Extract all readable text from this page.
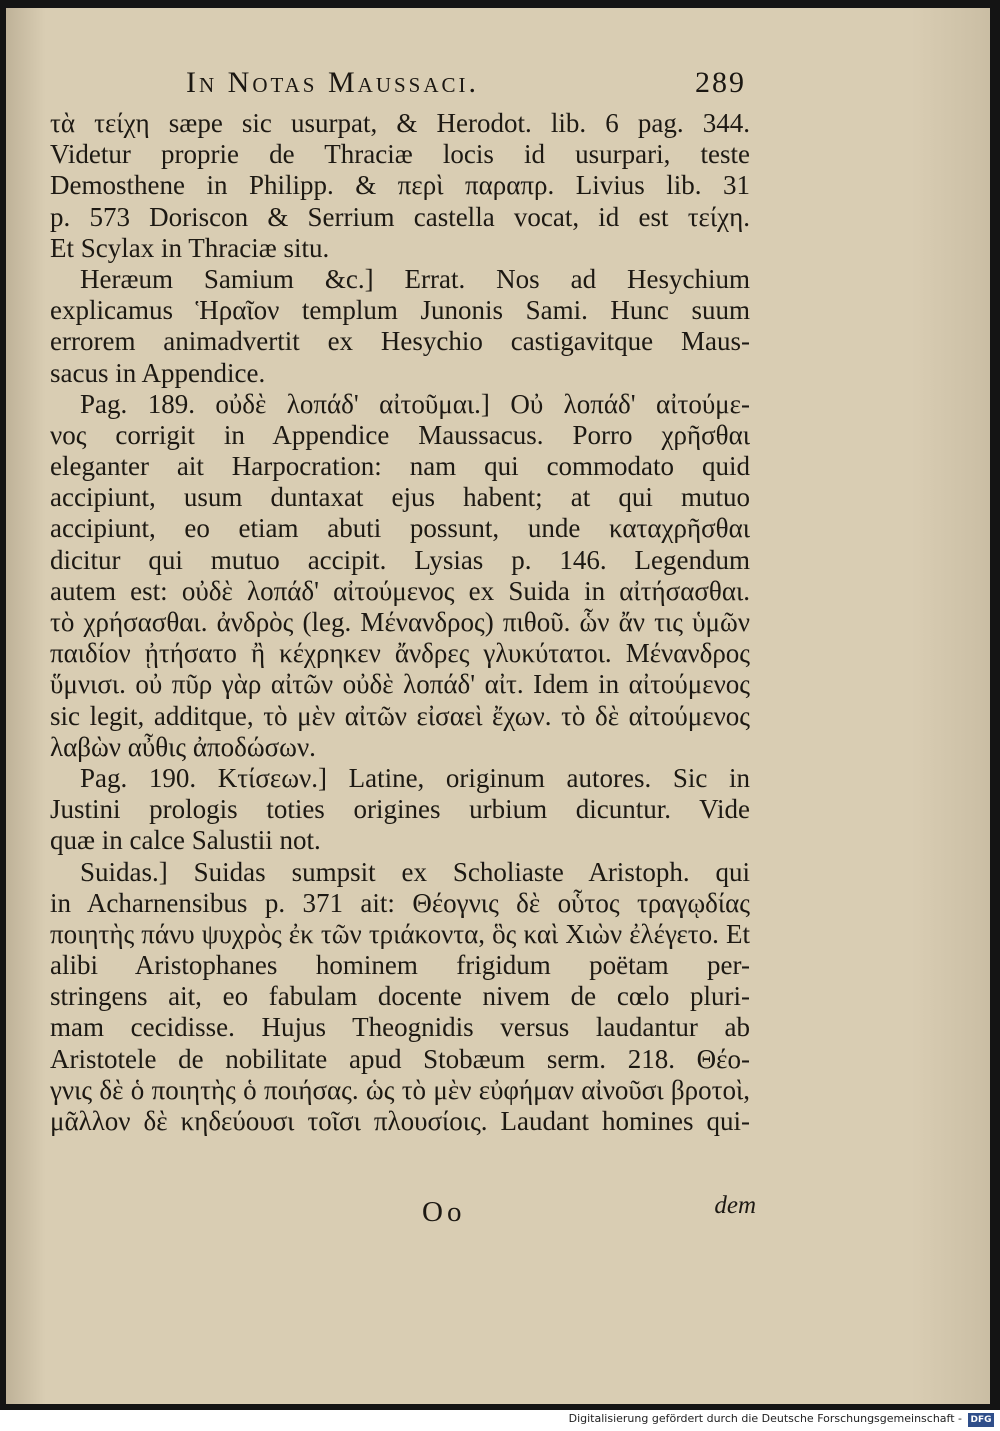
In Notas Maussaci.	289
τὰ τείχη sæpe sic usurpat, & Herodot. lib. 6 pag. 344.
Videtur proprie de Thraciæ locis id usurpari, teste
Demosthene in Philipp. & περὶ παραπρ. Livius lib. 31
p. 573 Doriscon & Serrium castella vocat, id est τείχη.
Et Scylax in Thraciæ situ.
Heræum Samium &c.] Errat. Nos ad Hesychium
explicamus Ἡραῖον templum Junonis Sami. Hunc suum
errorem animadvertit ex Hesychio castigavitque Maus-
sacus in Appendice.
Pag. 189. οὐδὲ λοπάδ' αἰτοῦμαι.] Οὐ λοπάδ' αἰτούμε-
νος corrigit in Appendice Maussacus. Porro χρῆσθαι
eleganter ait Harpocration: nam qui commodato quid
accipiunt, usum duntaxat ejus habent; at qui mutuo
accipiunt, eo etiam abuti possunt, unde καταχρῆσθαι
dicitur qui mutuo accipit. Lysias p. 146. Legendum
autem est: οὐδὲ λοπάδ' αἰτούμενος ex Suida in αἰτήσασθαι.
τὸ χρήσασθαι. ἀνδρὸς (leg. Μένανδρος) πιθοῦ. ὧν ἄν τις ὑμῶν
παιδίον ᾐτήσατο ἢ κέχρηκεν ἄνδρες γλυκύτατοι. Μένανδρος
ὕμνισι. οὐ πῦρ γὰρ αἰτῶν οὐδὲ λοπάδ' αἰτ. Idem in αἰτούμενος
sic legit, additque, τὸ μὲν αἰτῶν εἰσαεὶ ἔχων. τὸ δὲ αἰτούμενος
λαβὼν αὖθις ἀποδώσων.
Pag. 190. Κτίσεων.] Latine, originum autores. Sic in
Justini prologis toties origines urbium dicuntur. Vide
quæ in calce Salustii not.
Suidas.] Suidas sumpsit ex Scholiaste Aristoph. qui
in Acharnensibus p. 371 ait: Θέογνις δὲ οὗτος τραγῳδίας
ποιητὴς πάνυ ψυχρὸς ἐκ τῶν τριάκοντα, ὃς καὶ Χιὼν ἐλέγετο. Et
alibi Aristophanes hominem frigidum poëtam per-
stringens ait, eo fabulam docente nivem de cœlo pluri-
mam cecidisse. Hujus Theognidis versus laudantur ab
Aristotele de nobilitate apud Stobæum serm. 218. Θέο-
γνις δὲ ὁ ποιητὴς ὁ ποιήσας. ὡς τὸ μὲν εὐφήμαν αἰνοῦσι βροτοὶ,
μᾶλλον δὲ κηδεύουσι τοῖσι πλουσίοις. Laudant homines qui-
Oo	dem
Digitalisierung gefördert durch die Deutsche Forschungsgemeinschaft - DFG
